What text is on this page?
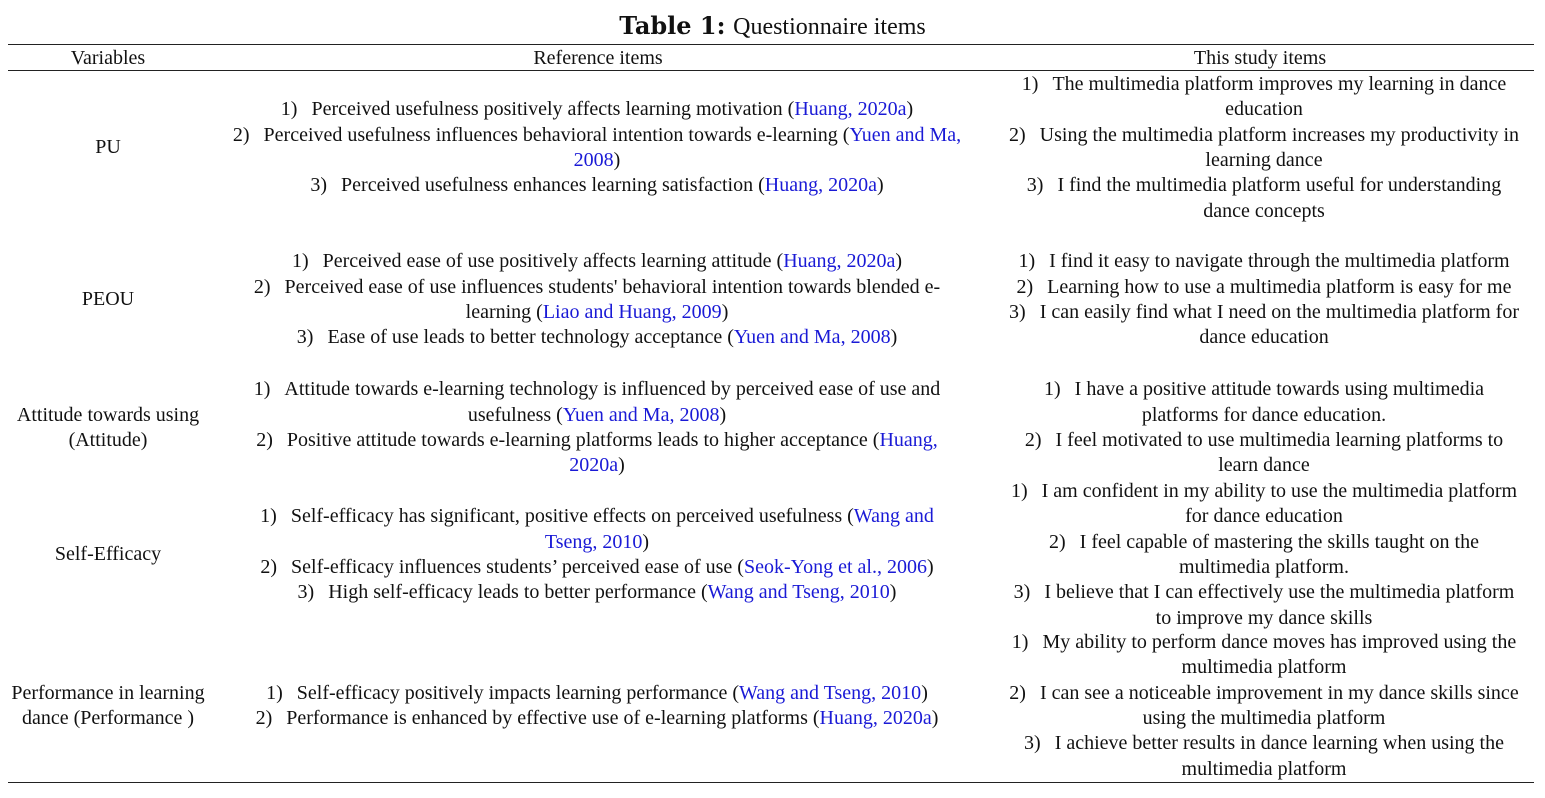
Table 1: Questionnaire items
Variables	Reference items	This study items
PU
1) Perceived usefulness positively affects learning motivation (Huang, 2020a)
2) Perceived usefulness influences behavioral intention towards e-learning (Yuen and Ma, 2008)
3) Perceived usefulness enhances learning satisfaction (Huang, 2020a)
1) The multimedia platform improves my learning in dance education
2) Using the multimedia platform increases my productivity in learning dance
3) I find the multimedia platform useful for understanding dance concepts
PEOU
1) Perceived ease of use positively affects learning attitude (Huang, 2020a)
2) Perceived ease of use influences students' behavioral intention towards blended e-learning (Liao and Huang, 2009)
3) Ease of use leads to better technology acceptance (Yuen and Ma, 2008)
1) I find it easy to navigate through the multimedia platform
2) Learning how to use a multimedia platform is easy for me
3) I can easily find what I need on the multimedia platform for dance education
Attitude towards using (Attitude)
1) Attitude towards e-learning technology is influenced by perceived ease of use and usefulness (Yuen and Ma, 2008)
2) Positive attitude towards e-learning platforms leads to higher acceptance (Huang, 2020a)
1) I have a positive attitude towards using multimedia platforms for dance education.
2) I feel motivated to use multimedia learning platforms to learn dance
Self-Efficacy
1) Self-efficacy has significant, positive effects on perceived usefulness (Wang and Tseng, 2010)
2) Self-efficacy influences students’ perceived ease of use (Seok-Yong et al., 2006)
3) High self-efficacy leads to better performance (Wang and Tseng, 2010)
1) I am confident in my ability to use the multimedia platform for dance education
2) I feel capable of mastering the skills taught on the multimedia platform.
3) I believe that I can effectively use the multimedia platform to improve my dance skills
Performance in learning dance (Performance )
1) Self-efficacy positively impacts learning performance (Wang and Tseng, 2010)
2) Performance is enhanced by effective use of e-learning platforms (Huang, 2020a)
1) My ability to perform dance moves has improved using the multimedia platform
2) I can see a noticeable improvement in my dance skills since using the multimedia platform
3) I achieve better results in dance learning when using the multimedia platform
